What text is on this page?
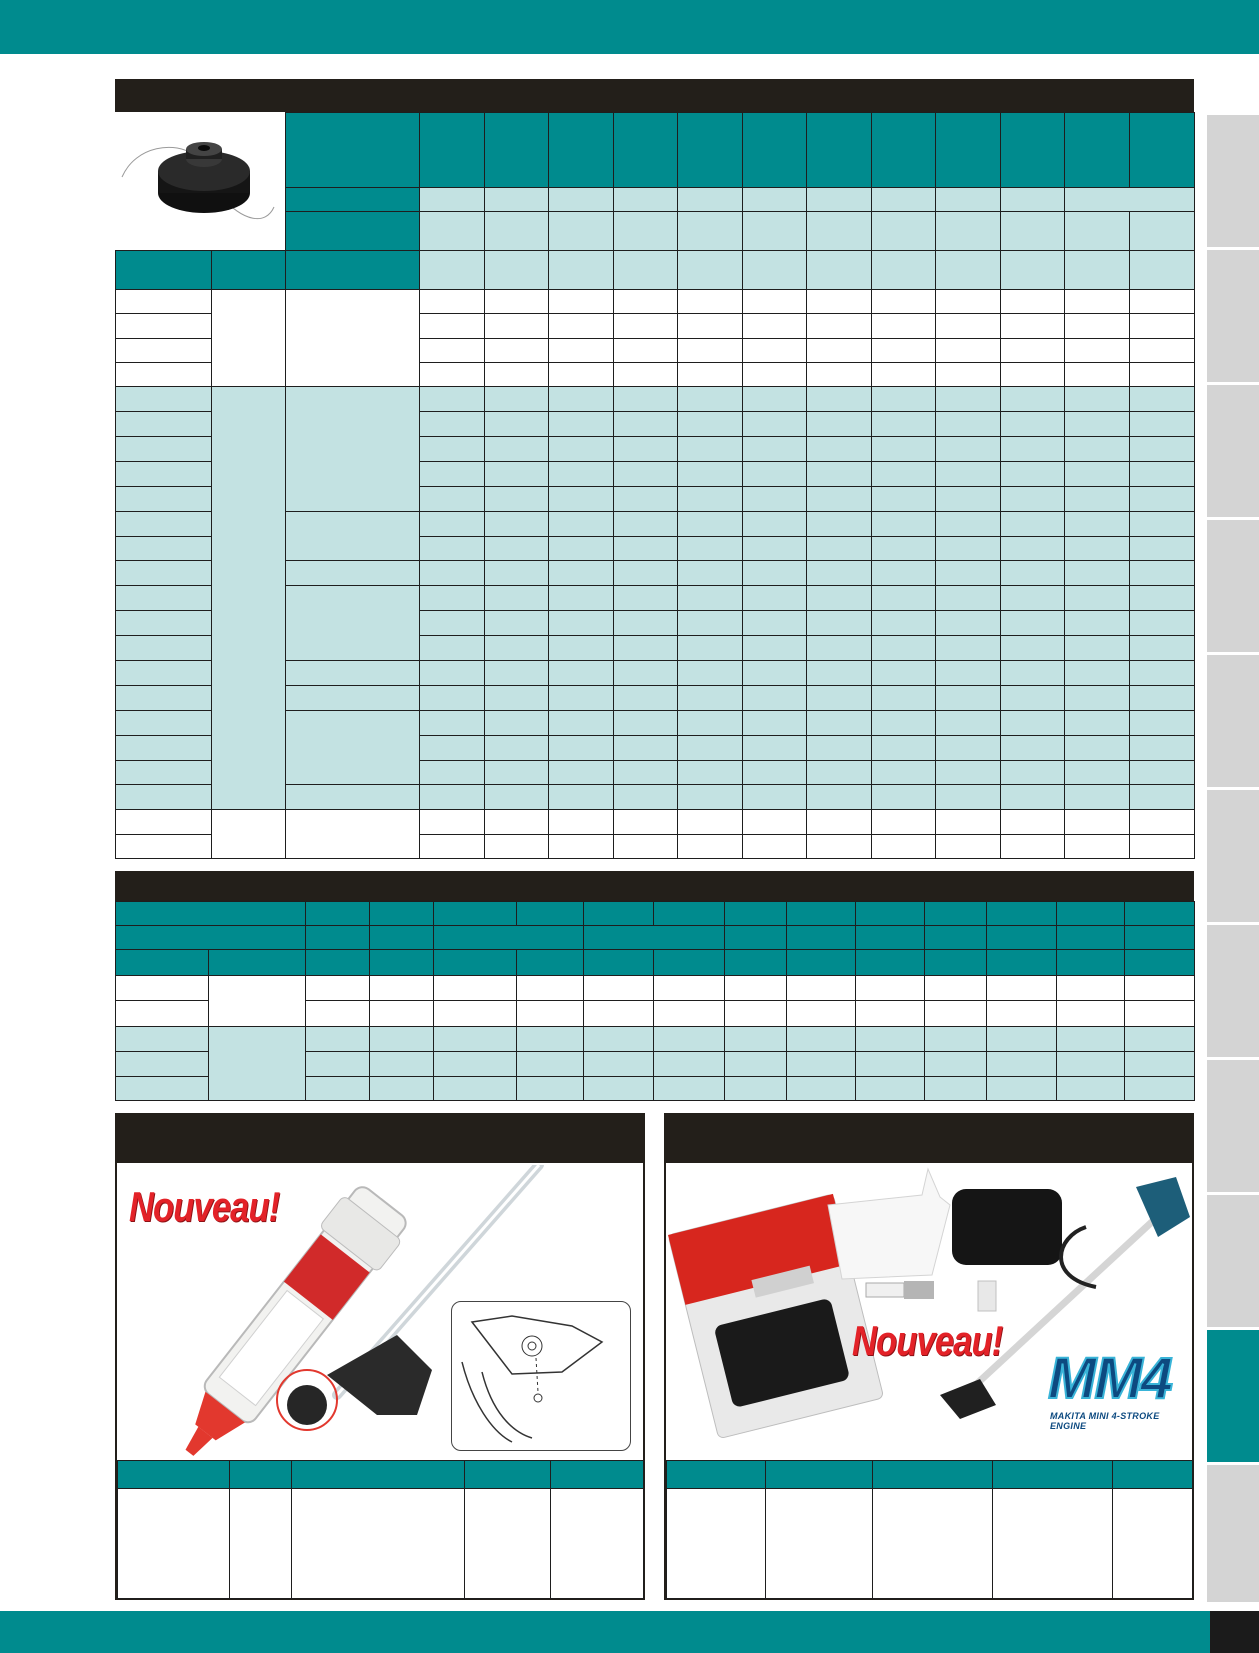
Nouveau!

Nouveau!
MM4
MAKITA MINI 4-STROKE ENGINE
